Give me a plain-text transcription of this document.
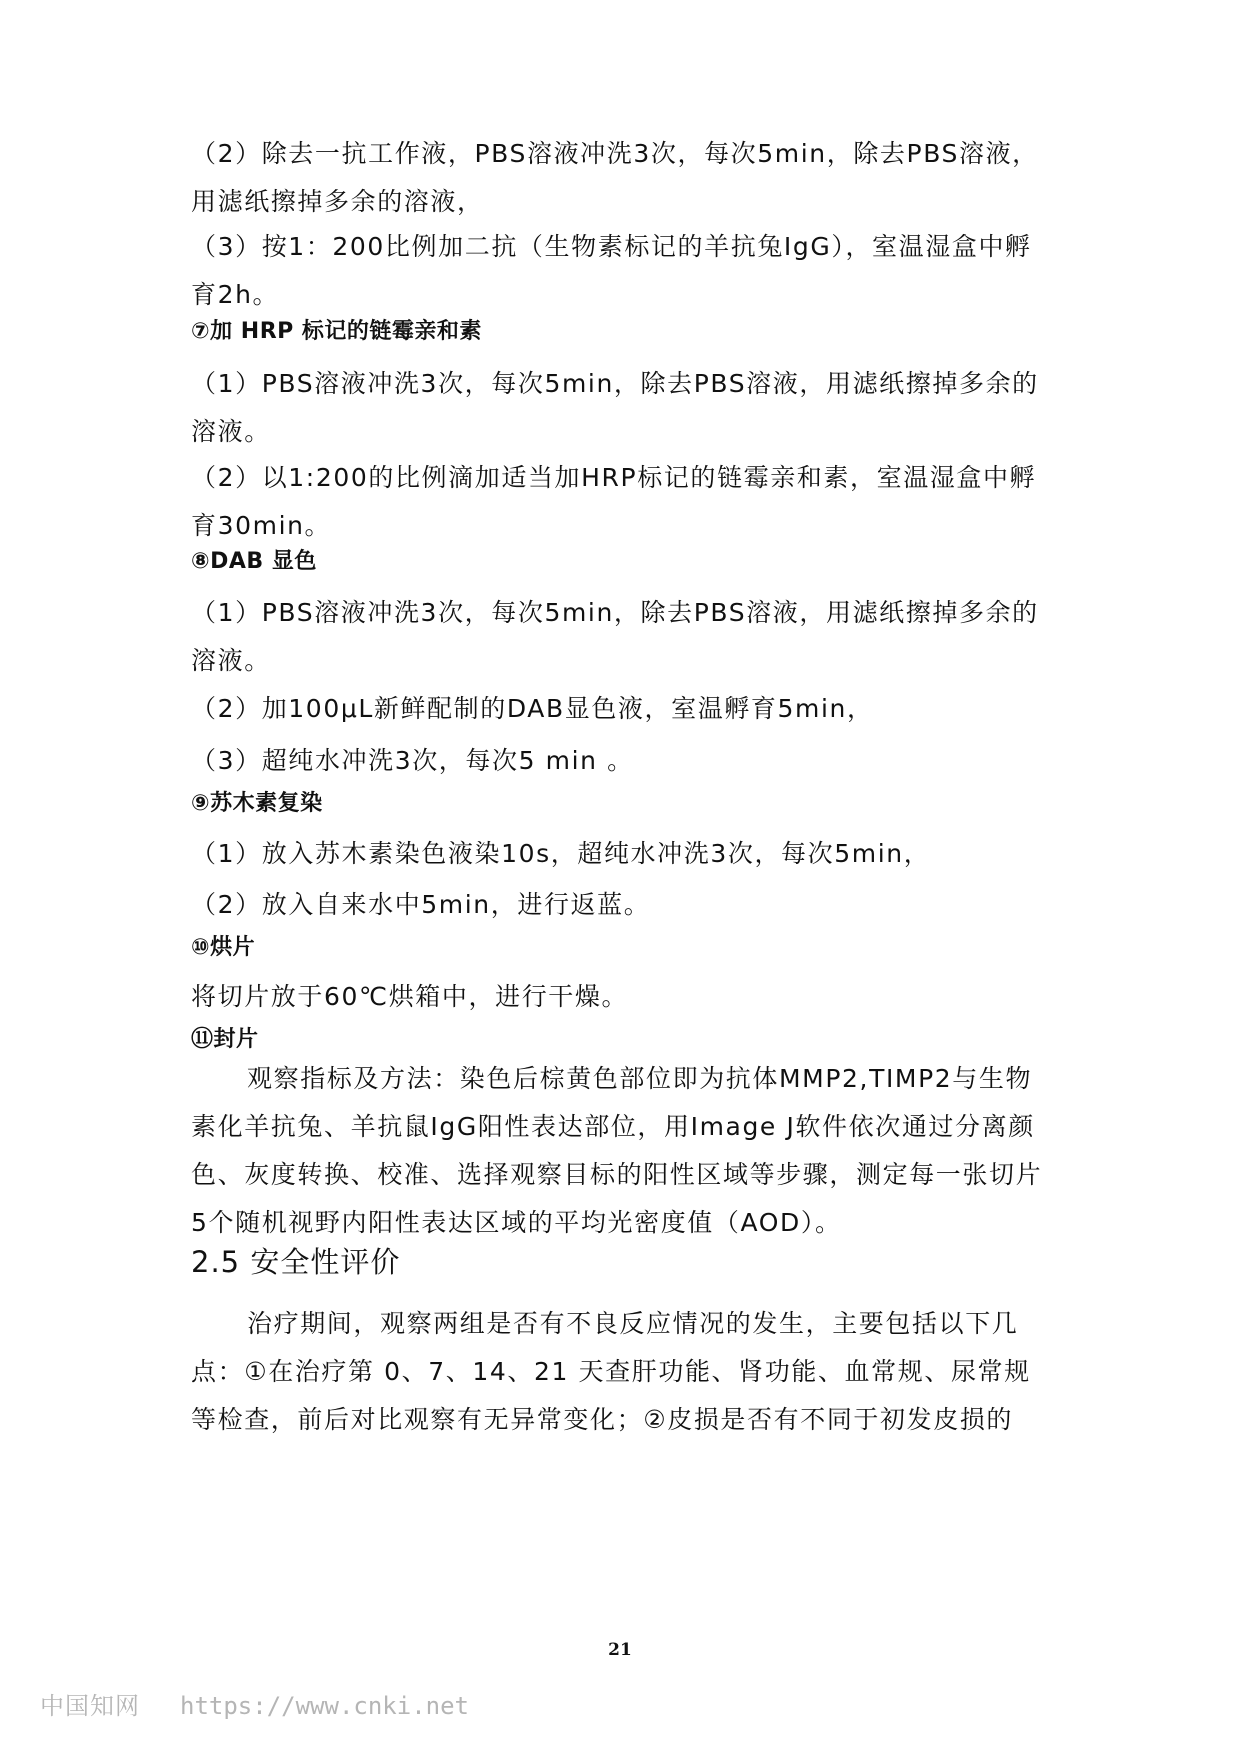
（2）除去一抗工作液，PBS溶液冲洗3次，每次5min，除去PBS溶液，用滤纸擦掉多余的溶液，
（3）按1：200比例加二抗（生物素标记的羊抗兔IgG），室温湿盒中孵育2h。
⑦加 HRP 标记的链霉亲和素
（1）PBS溶液冲洗3次，每次5min，除去PBS溶液，用滤纸擦掉多余的溶液。
（2）以1:200的比例滴加适当加HRP标记的链霉亲和素，室温湿盒中孵育30min。
⑧DAB 显色
（1）PBS溶液冲洗3次，每次5min，除去PBS溶液，用滤纸擦掉多余的溶液。
（2）加100μL新鲜配制的DAB显色液，室温孵育5min，
（3）超纯水冲洗3次，每次5 min 。
⑨苏木素复染
（1）放入苏木素染色液染10s，超纯水冲洗3次，每次5min，
（2）放入自来水中5min，进行返蓝。
⑩烘片
将切片放于60℃烘箱中，进行干燥。
⑪封片
观察指标及方法：染色后棕黄色部位即为抗体MMP2,TIMP2与生物素化羊抗兔、羊抗鼠IgG阳性表达部位，用Image J软件依次通过分离颜色、灰度转换、校准、选择观察目标的阳性区域等步骤，测定每一张切片5个随机视野内阳性表达区域的平均光密度值（AOD）。
2.5 安全性评价
治疗期间，观察两组是否有不良反应情况的发生，主要包括以下几点：①在治疗第 0、7、14、21 天查肝功能、肾功能、血常规、尿常规等检查，前后对比观察有无异常变化；②皮损是否有不同于初发皮损的
21
中国知网 https://www.cnki.net
